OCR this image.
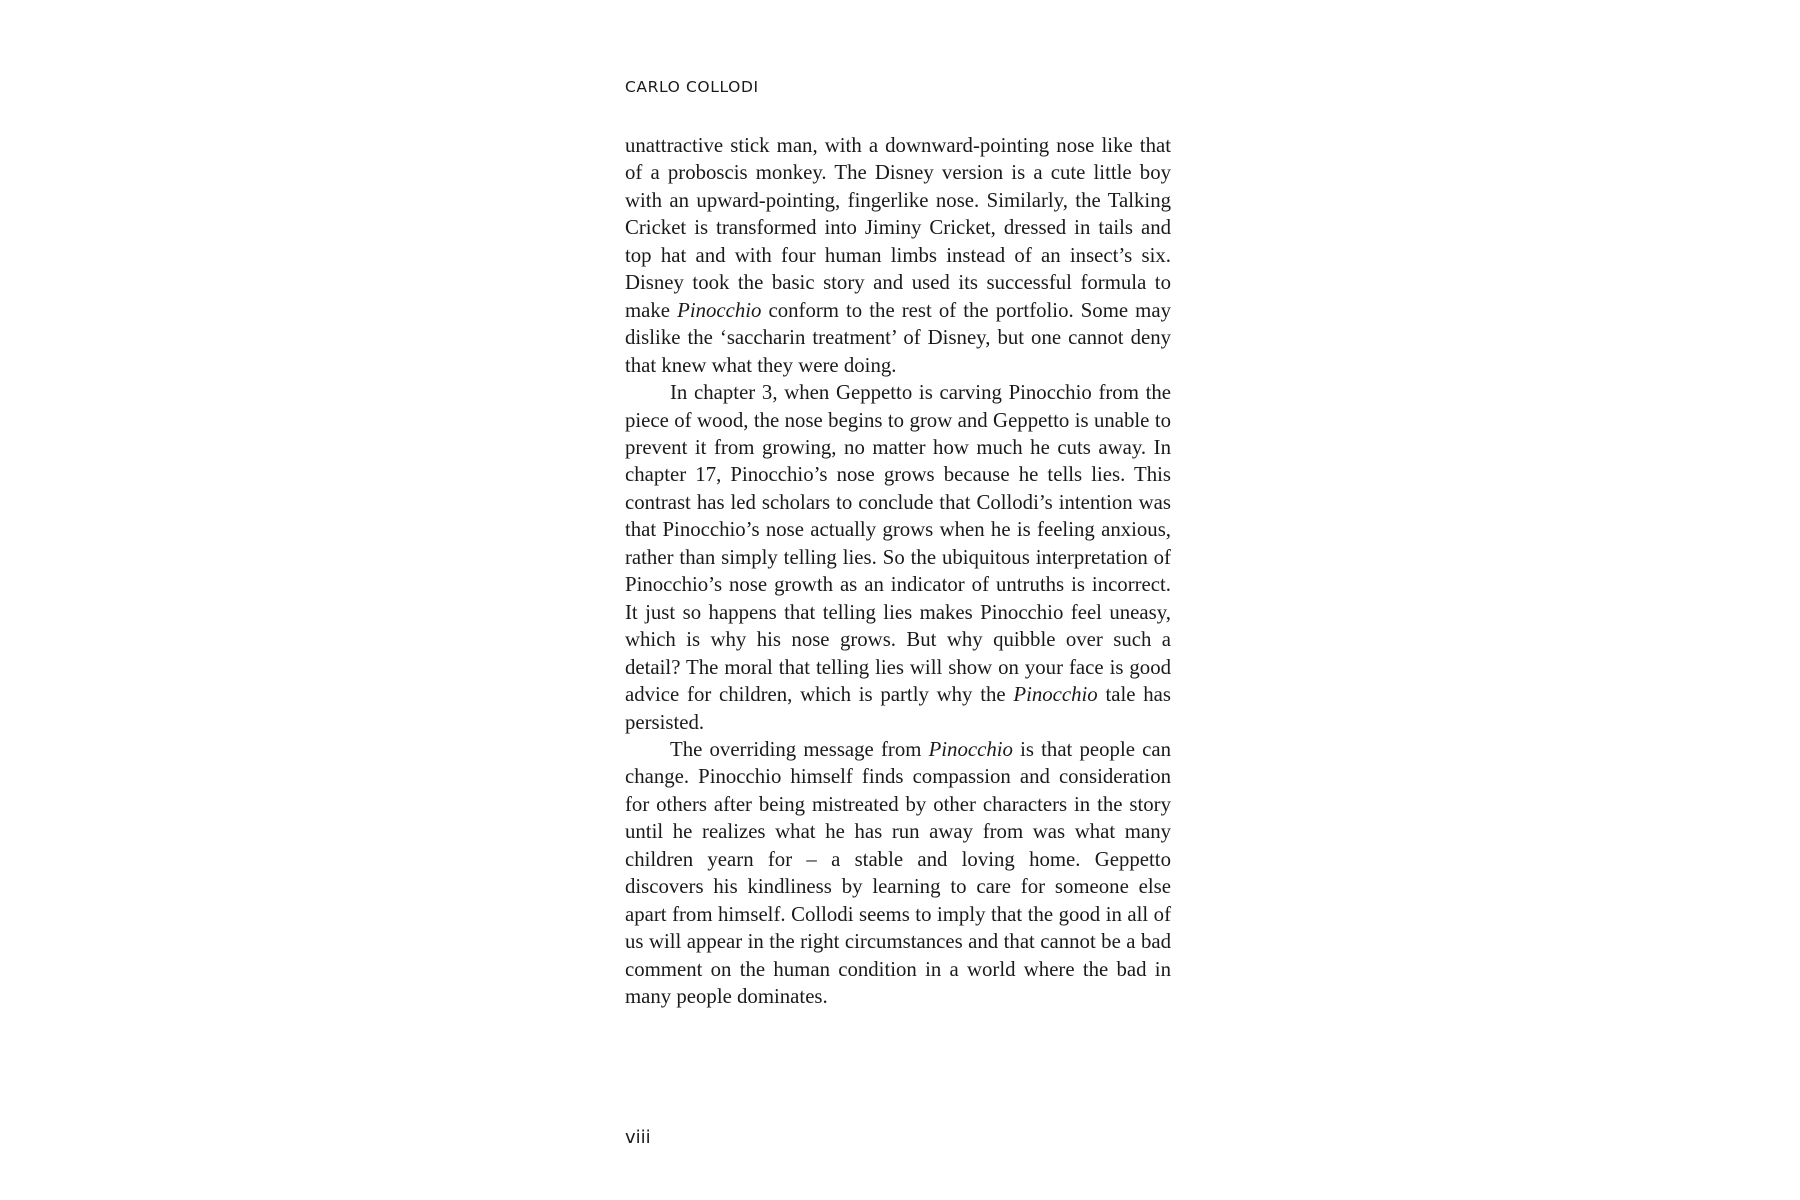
CARLO COLLODI

unattractive stick man, with a downward-pointing nose like that of a proboscis monkey. The Disney version is a cute little boy with an upward-pointing, fingerlike nose. Similarly, the Talking Cricket is transformed into Jiminy Cricket, dressed in tails and top hat and with four human limbs instead of an insect’s six. Disney took the basic story and used its successful formula to make Pinocchio conform to the rest of the portfolio. Some may dislike the ‘saccharin treatment’ of Disney, but one cannot deny that knew what they were doing.

In chapter 3, when Geppetto is carving Pinocchio from the piece of wood, the nose begins to grow and Geppetto is unable to prevent it from growing, no matter how much he cuts away. In chapter 17, Pinocchio’s nose grows because he tells lies. This contrast has led scholars to conclude that Collodi’s intention was that Pinocchio’s nose actually grows when he is feeling anxious, rather than simply telling lies. So the ubiquitous interpretation of Pinocchio’s nose growth as an indicator of untruths is incorrect. It just so happens that telling lies makes Pinocchio feel uneasy, which is why his nose grows. But why quibble over such a detail? The moral that telling lies will show on your face is good advice for children, which is partly why the Pinocchio tale has persisted.

The overriding message from Pinocchio is that people can change. Pinocchio himself finds compassion and consideration for others after being mistreated by other characters in the story until he realizes what he has run away from was what many children yearn for – a stable and loving home. Geppetto discovers his kindliness by learning to care for someone else apart from himself. Collodi seems to imply that the good in all of us will appear in the right circumstances and that cannot be a bad comment on the human condition in a world where the bad in many people dominates.

viii
